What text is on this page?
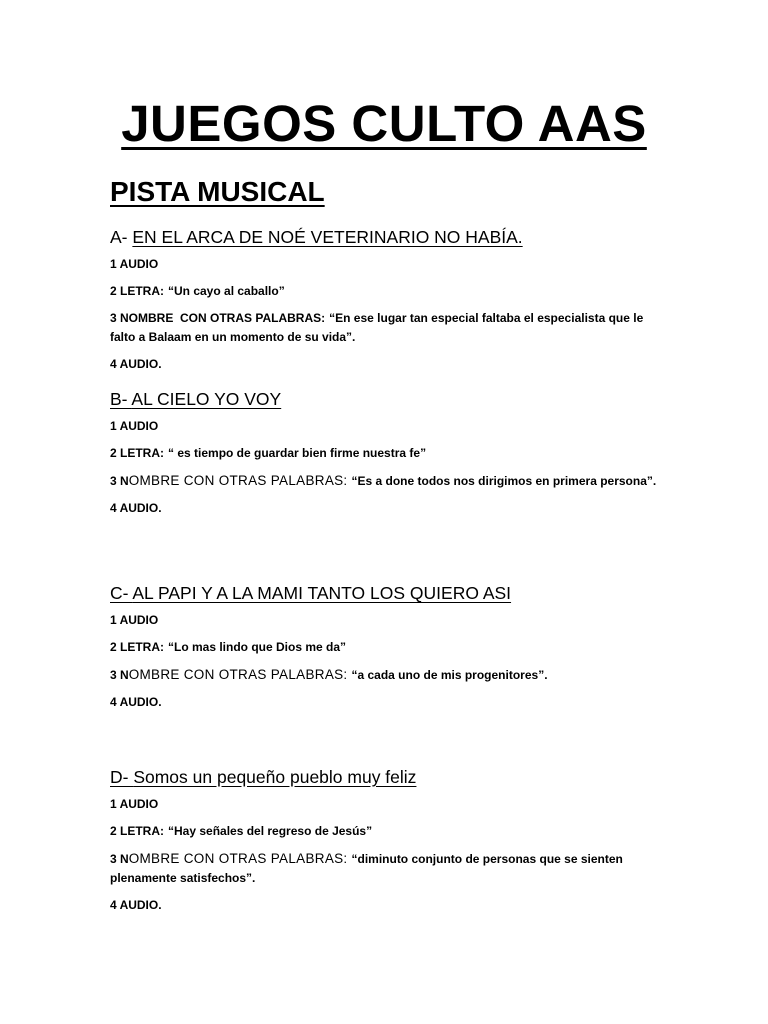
JUEGOS CULTO AAS
PISTA MUSICAL
A- EN EL ARCA DE NOÉ VETERINARIO NO HABÍA.
1 AUDIO
2 LETRA: “Un cayo al caballo”
3 NOMBRE  CON OTRAS PALABRAS: “En ese lugar tan especial faltaba el especialista que le falto a Balaam en un momento de su vida”.
4 AUDIO.
B- AL CIELO YO VOY
1 AUDIO
2 LETRA: “ es tiempo de guardar bien firme nuestra fe”
3 NOMBRE CON OTRAS PALABRAS: “Es a done todos nos dirigimos en primera persona”.
4 AUDIO.
C- AL PAPI Y A LA MAMI TANTO LOS QUIERO ASI
1 AUDIO
2 LETRA: “Lo mas lindo que Dios me da”
3 NOMBRE CON OTRAS PALABRAS: “a cada uno de mis progenitores”.
4 AUDIO.
D- Somos un pequeño pueblo muy feliz
1 AUDIO
2 LETRA: “Hay señales del regreso de Jesús”
3 NOMBRE CON OTRAS PALABRAS: “diminuto conjunto de personas que se sienten plenamente satisfechos”.
4 AUDIO.
